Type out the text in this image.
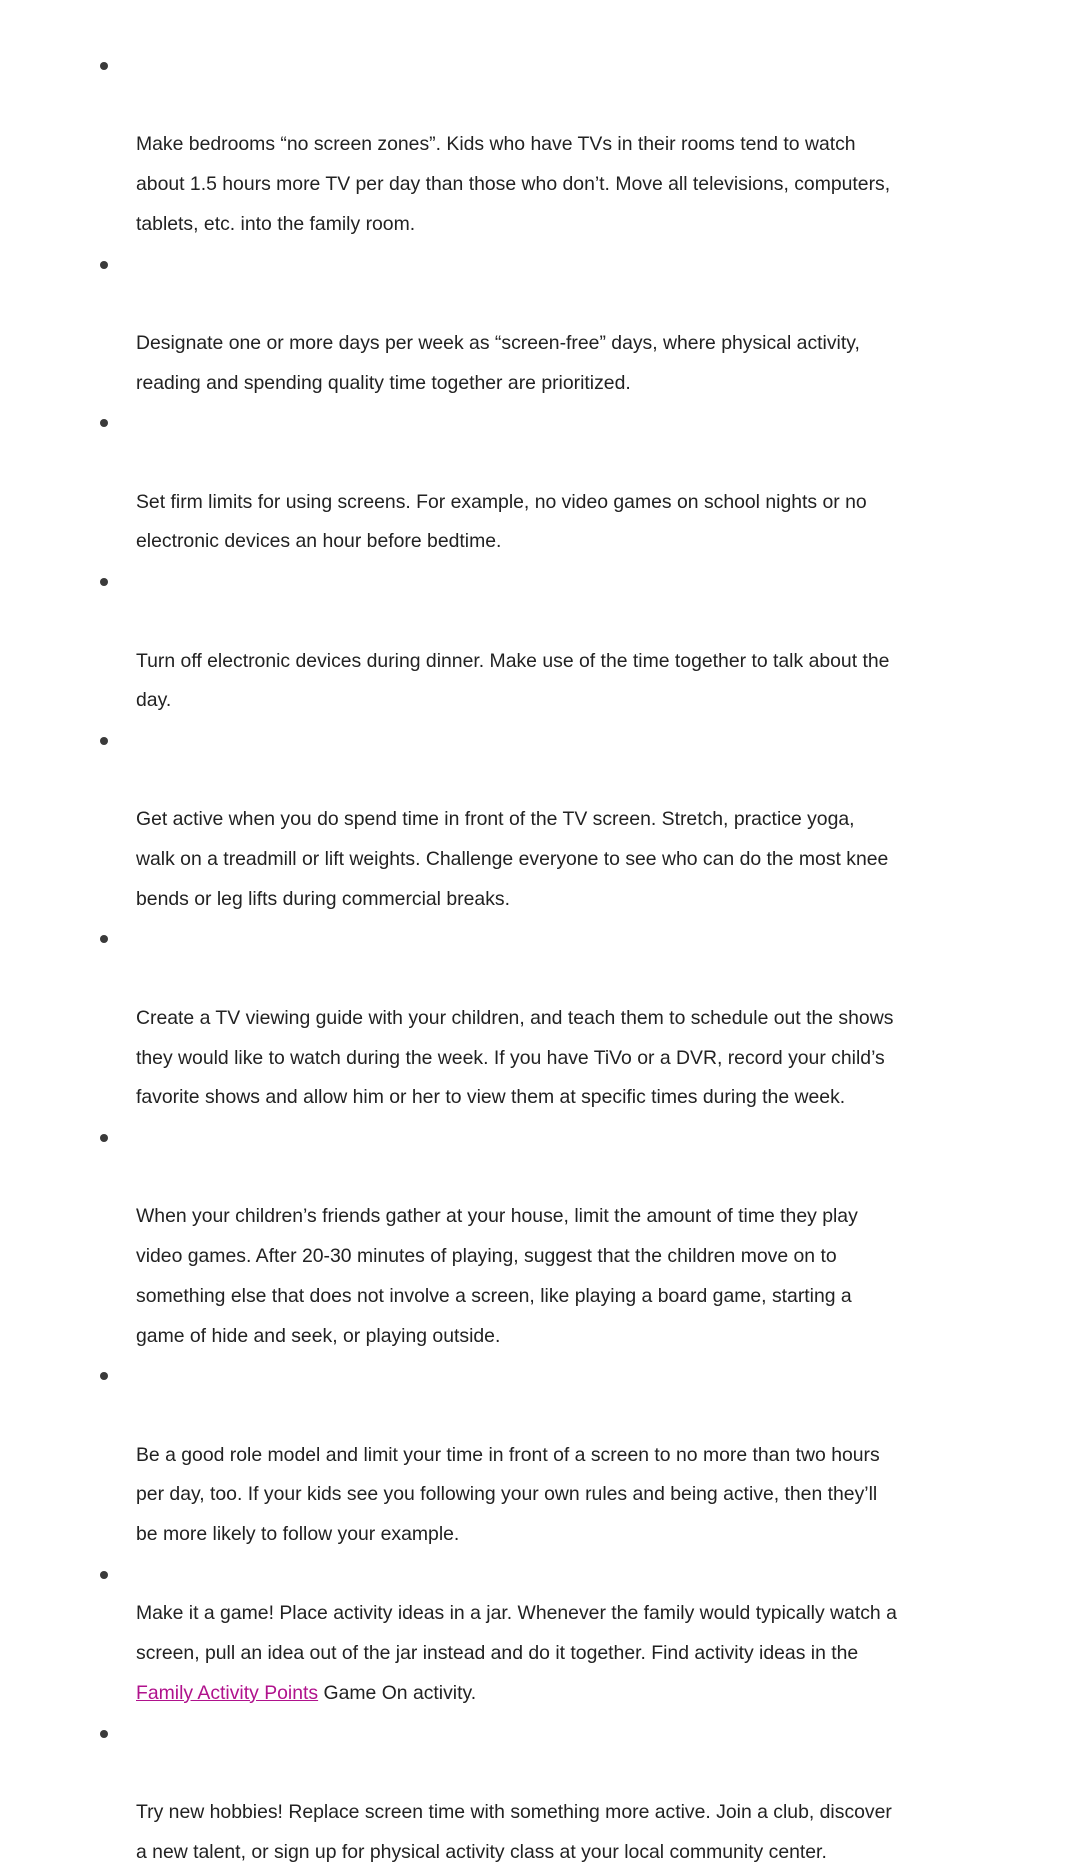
Make bedrooms “no screen zones”. Kids who have TVs in their rooms tend to watch
about 1.5 hours more TV per day than those who don’t. Move all televisions, computers,
tablets, etc. into the family room.

Designate one or more days per week as “screen-free” days, where physical activity,
reading and spending quality time together are prioritized.

Set firm limits for using screens. For example, no video games on school nights or no
electronic devices an hour before bedtime.

Turn off electronic devices during dinner. Make use of the time together to talk about the
day.

Get active when you do spend time in front of the TV screen. Stretch, practice yoga,
walk on a treadmill or lift weights. Challenge everyone to see who can do the most knee
bends or leg lifts during commercial breaks.

Create a TV viewing guide with your children, and teach them to schedule out the shows
they would like to watch during the week. If you have TiVo or a DVR, record your child’s
favorite shows and allow him or her to view them at specific times during the week.

When your children’s friends gather at your house, limit the amount of time they play
video games. After 20-30 minutes of playing, suggest that the children move on to
something else that does not involve a screen, like playing a board game, starting a
game of hide and seek, or playing outside.

Be a good role model and limit your time in front of a screen to no more than two hours
per day, too. If your kids see you following your own rules and being active, then they’ll
be more likely to follow your example.

Make it a game! Place activity ideas in a jar. Whenever the family would typically watch a
screen, pull an idea out of the jar instead and do it together. Find activity ideas in the
Family Activity Points Game On activity.

Try new hobbies! Replace screen time with something more active. Join a club, discover
a new talent, or sign up for physical activity class at your local community center.
